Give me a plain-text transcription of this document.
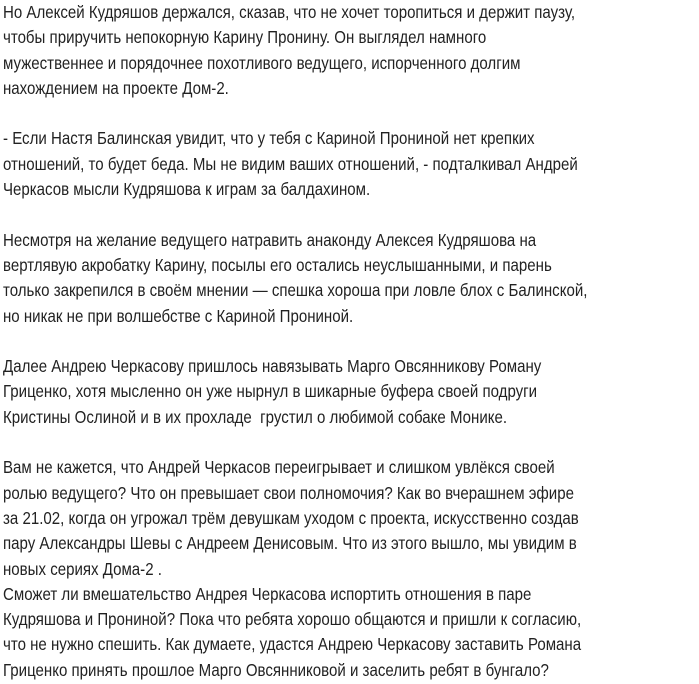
Но Алексей Кудряшов держался, сказав, что не хочет торопиться и держит паузу,
чтобы приручить непокорную Карину Пронину. Он выглядел намного
мужественнее и порядочнее похотливого ведущего, испорченного долгим
нахождением на проекте Дом-2.
- Если Настя Балинская увидит, что у тебя с Кариной Прониной нет крепких
отношений, то будет беда. Мы не видим ваших отношений, - подталкивал Андрей
Черкасов мысли Кудряшова к играм за балдахином.
Несмотря на желание ведущего натравить анаконду Алексея Кудряшова на
вертлявую акробатку Карину, посылы его остались неуслышанными, и парень
только закрепился в своём мнении — спешка хороша при ловле блох с Балинской,
но никак не при волшебстве с Кариной Прониной.
Далее Андрею Черкасову пришлось навязывать Марго Овсянникову Роману
Гриценко, хотя мысленно он уже нырнул в шикарные буфера своей подруги
Кристины Ослиной и в их прохладе  грустил о любимой собаке Монике.
Вам не кажется, что Андрей Черкасов переигрывает и слишком увлёкся своей
ролью ведущего? Что он превышает свои полномочия? Как во вчерашнем эфире
за 21.02, когда он угрожал трём девушкам уходом с проекта, искусственно создав
пару Александры Шевы с Андреем Денисовым. Что из этого вышло, мы увидим в
новых сериях Дома-2 .
Сможет ли вмешательство Андрея Черкасова испортить отношения в паре
Кудряшова и Прониной? Пока что ребята хорошо общаются и пришли к согласию,
что не нужно спешить. Как думаете, удастся Андрею Черкасову заставить Романа
Гриценко принять прошлое Марго Овсянниковой и заселить ребят в бунгало?
